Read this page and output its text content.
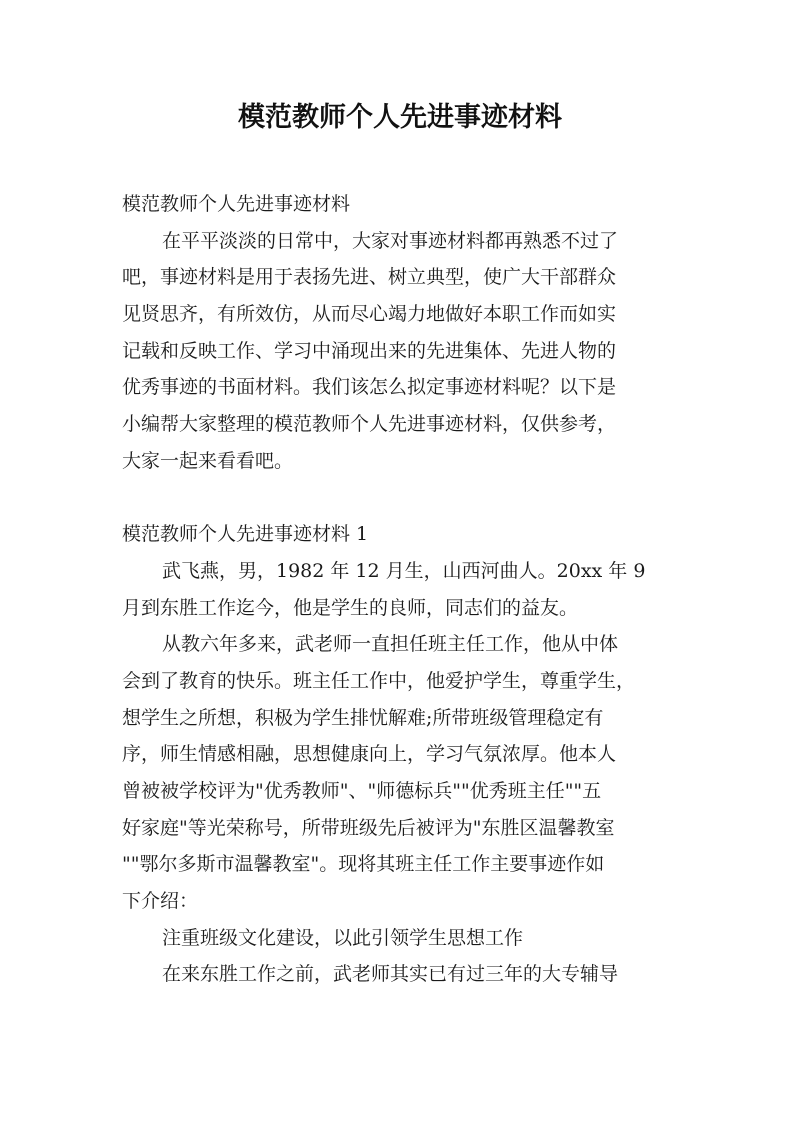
模范教师个人先进事迹材料

模范教师个人先进事迹材料

在平平淡淡的日常中，大家对事迹材料都再熟悉不过了

吧，事迹材料是用于表扬先进、树立典型，使广大干部群众

见贤思齐，有所效仿，从而尽心竭力地做好本职工作而如实

记载和反映工作、学习中涌现出来的先进集体、先进人物的

优秀事迹的书面材料。我们该怎么拟定事迹材料呢？以下是

小编帮大家整理的模范教师个人先进事迹材料，仅供参考，

大家一起来看看吧。

模范教师个人先进事迹材料 1

武飞燕，男，1982 年 12 月生，山西河曲人。20xx 年 9

月到东胜工作迄今，他是学生的良师，同志们的益友。

从教六年多来，武老师一直担任班主任工作，他从中体

会到了教育的快乐。班主任工作中，他爱护学生，尊重学生，

想学生之所想，积极为学生排忧解难;所带班级管理稳定有

序，师生情感相融，思想健康向上，学习气氛浓厚。他本人

曾被被学校评为"优秀教师"、"师德标兵""优秀班主任""五

好家庭"等光荣称号，所带班级先后被评为"东胜区温馨教室

""鄂尔多斯市温馨教室"。现将其班主任工作主要事迹作如

下介绍：

注重班级文化建设，以此引领学生思想工作

在来东胜工作之前，武老师其实已有过三年的大专辅导
